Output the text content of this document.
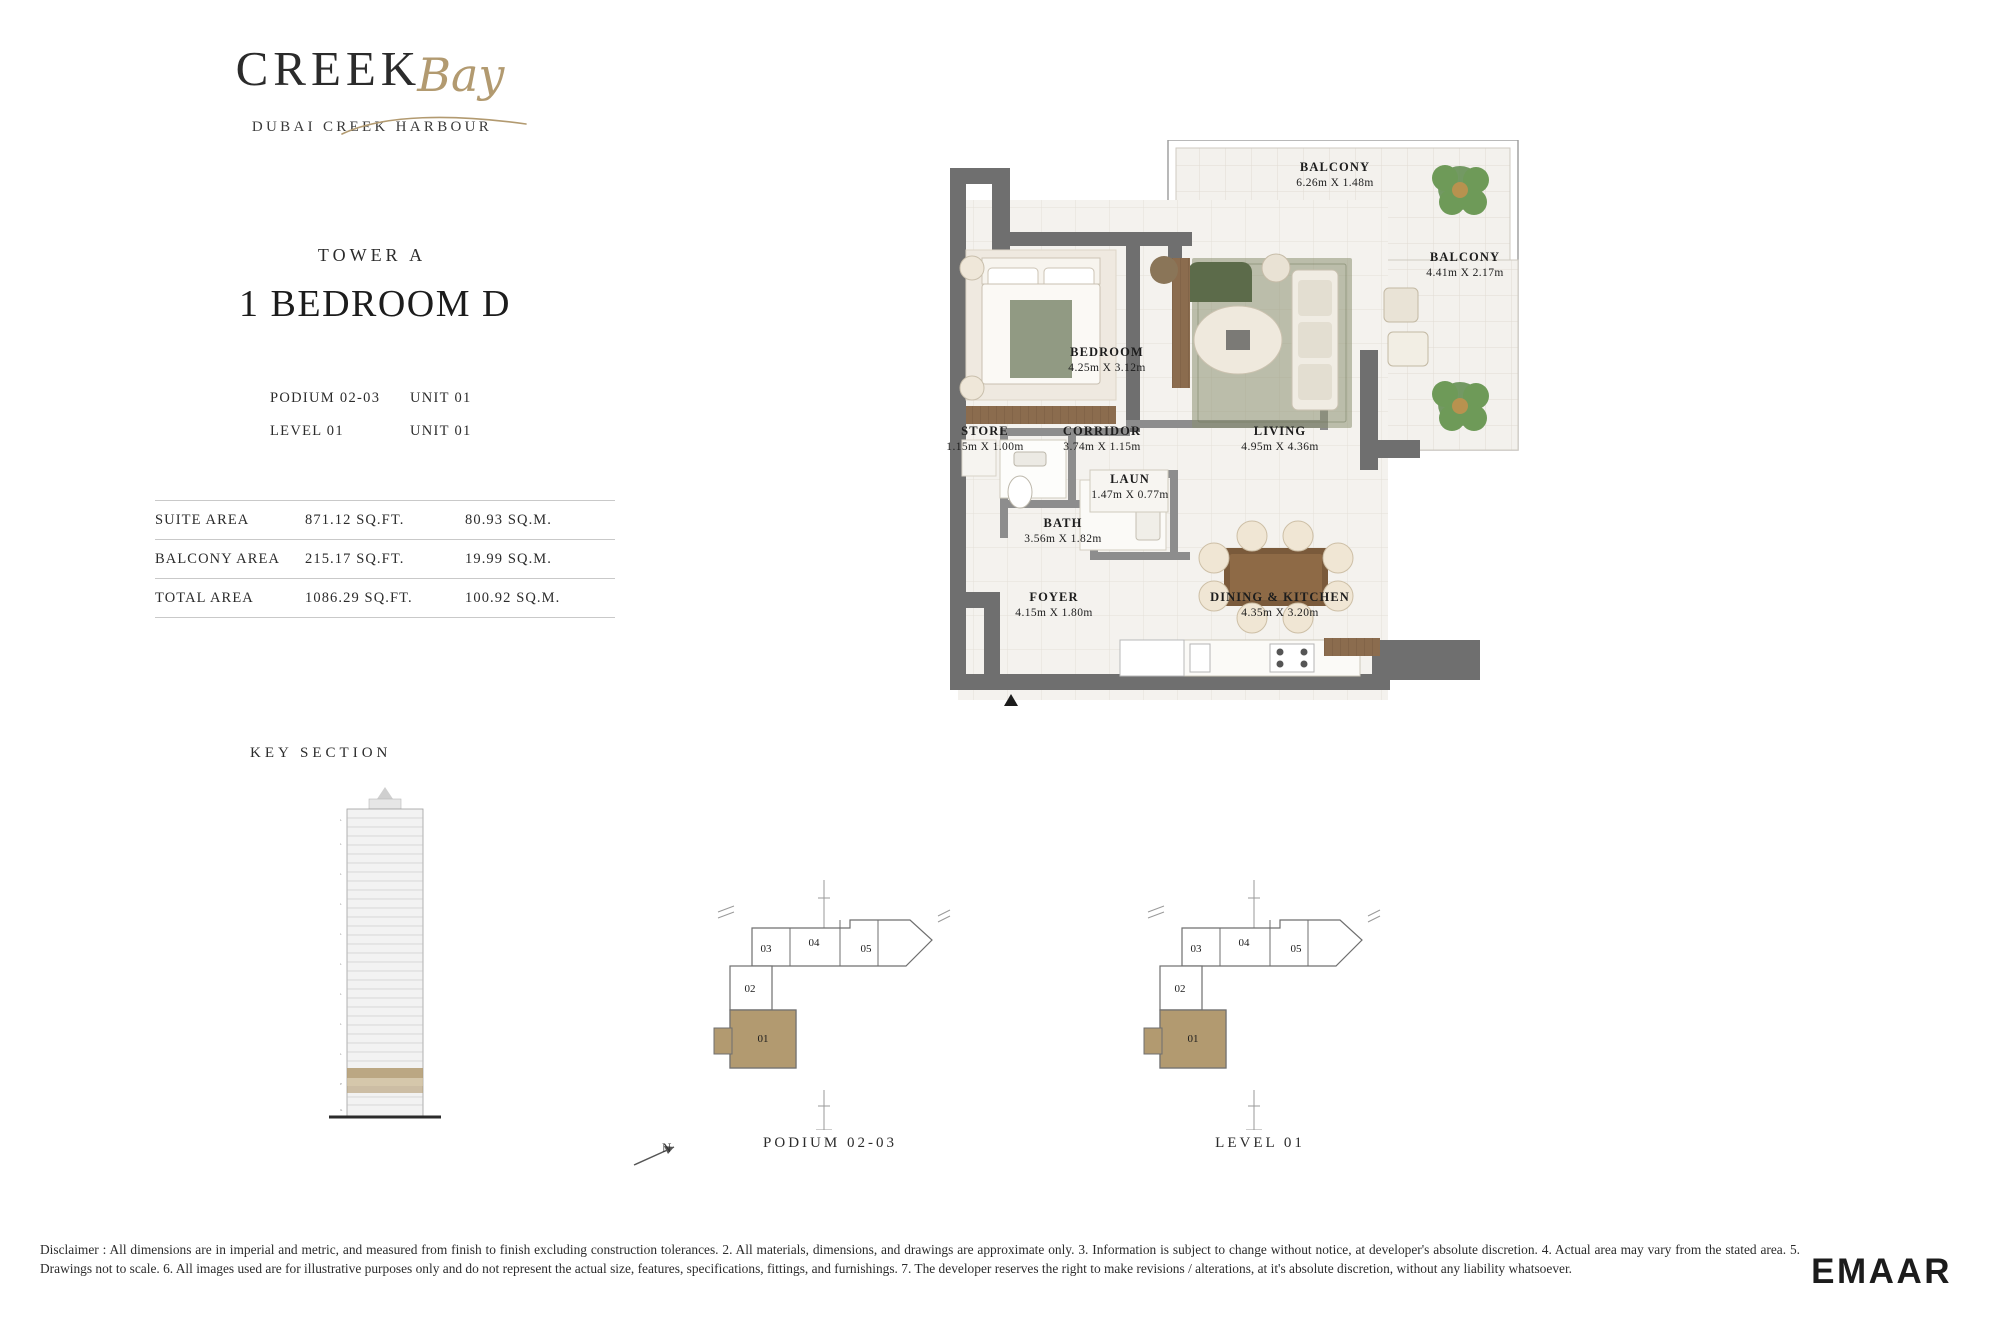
CREEKBay
DUBAI CREEK HARBOUR
TOWER A
1 BEDROOM D
PODIUM 02-03	UNIT 01
LEVEL 01	UNIT 01
SUITE AREA	871.12 SQ.FT.	80.93 SQ.M.
BALCONY AREA	215.17 SQ.FT.	19.99 SQ.M.
TOTAL AREA	1086.29 SQ.FT.	100.92 SQ.M.
KEY SECTION
L
L
L
L
L
L
L
L
L
P
G
N
BALCONY
6.26m X 1.48m
BALCONY
4.41m X 2.17m
BEDROOM
4.25m X 3.12m
STORE
1.15m X 1.00m
CORRIDOR
3.74m X 1.15m
LIVING
4.95m X 4.36m
LAUN
1.47m X 0.77m
BATH
3.56m X 1.82m
FOYER
4.15m X 1.80m
DINING & KITCHEN
4.35m X 3.20m
03	04	05
02
01
PODIUM 02-03
03	04	05
02
01
LEVEL 01
Disclaimer : All dimensions are in imperial and metric, and measured from finish to finish excluding construction tolerances. 2. All materials, dimensions, and drawings are approximate only. 3. Information is subject to change without notice, at developer's absolute discretion. 4. Actual area may vary from the stated area. 5. Drawings not to scale. 6. All images used are for illustrative purposes only and do not represent the actual size, features, specifications, fittings, and furnishings. 7. The developer reserves the right to make revisions / alterations, at it's absolute discretion, without any liability whatsoever.	EMAAR
